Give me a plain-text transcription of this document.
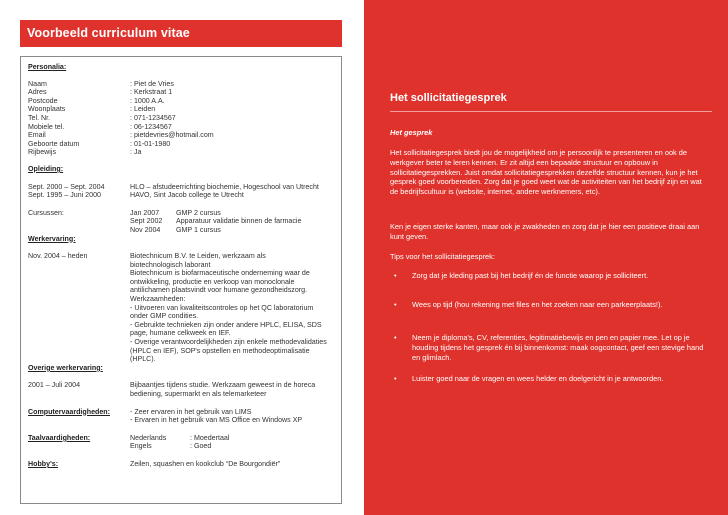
Voorbeeld curriculum vitae
Personalia:
Naam	: Piet de Vries
Adres	: Kerkstraat 1
Postcode	: 1000 A.A.
Woonplaats	: Leiden
Tel. Nr.	: 071-1234567
Mobiele tel.	: 06-1234567
Email	: pietdevries@hotmail.com
Geboorte datum	: 01-01-1980
Rijbewijs	: Ja
Opleiding:
Sept. 2000 – Sept. 2004	HLO – afstudeerrichting biochemie, Hogeschool van Utrecht
Sept. 1995 – Juni 2000	HAVO, Sint Jacob college te Utrecht
Cursussen:	Jan 2007	GMP 2 cursus
Sept 2002	Apparatuur validatie binnen de farmacie
Nov 2004	GMP 1 cursus
Werkervaring:
Nov. 2004 – heden	Biotechnicum B.V. te Leiden, werkzaam als
biotechnologisch laborant
Biotechnicum is biofarmaceutische onderneming waar de
ontwikkeling, productie en verkoop van monoclonale
antilichamen plaatsvindt voor humane gezondheidszorg.
Werkzaamheden:
- Uitvoeren van kwaliteitscontroles op het QC laboratorium
onder GMP condities.
- Gebruikte technieken zijn onder andere HPLC, ELISA, SDS
page, humane celkweek en IEF.
- Overige verantwoordelijkheden zijn enkele methodevalidaties
(HPLC en IEF), SOP's opstellen en methodeoptimalisatie
(HPLC).
Overige werkervaring:
2001 – Juli 2004	Bijbaantjes tijdens studie. Werkzaam geweest in de horeca
bediening, supermarkt en als telemarketeer
Computervaardigheden:	- Zeer ervaren in het gebruik van LIMS
- Ervaren in het gebruik van MS Office en Windows XP
Taalvaardigheden:	Nederlands	: Moedertaal
Engels	: Goed
Hobby's:	Zeilen, squashen en kookclub “De Bourgondiër”
Het sollicitatiegesprek
Het gesprek
Het sollicitatiegesprek biedt jou de mogelijkheid om je persoonlijk te presenteren en ook de werkgever beter te leren kennen. Er zit altijd een bepaalde structuur en opbouw in sollicitatiegesprekken. Juist omdat sollicitatiegesprekken dezelfde structuur kennen, kun je het gesprek goed voorbereiden. Zorg dat je goed weet wat de activiteiten van het bedrijf zijn en wat de bedrijfscultuur is (website, internet, andere werknemers, etc).
Ken je eigen sterke kanten, maar ook je zwakheden en zorg dat je hier een positieve draai aan kunt geven.
Tips voor het sollicitatiegesprek:
•	Zorg dat je kleding past bij het bedrijf én de functie waarop je solliciteert.
•	Wees op tijd (hou rekening met files en het zoeken naar een parkeerplaats!).
•	Neem je diploma's, CV, referenties, legitimatiebewijs en pen en papier mee. Let op je houding tijdens het gesprek én bij binnenkomst: maak oogcontact, geef een stevige hand en glimlach.
•	Luister goed naar de vragen en wees helder en doelgericht in je antwoorden.
